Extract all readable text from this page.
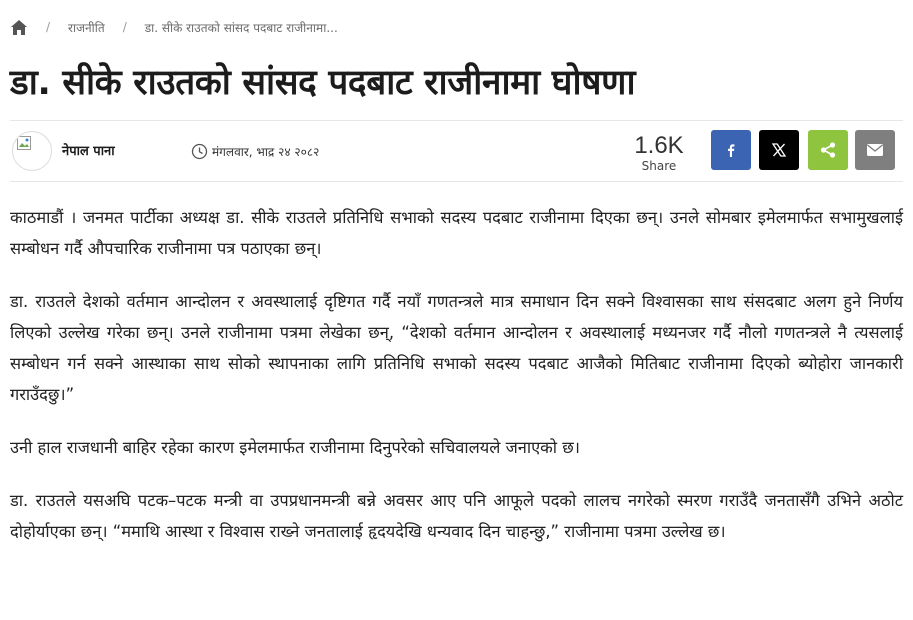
/ राजनीति / डा. सीके राउतको सांसद पदबाट राजीनामा...
डा. सीके राउतको सांसद पदबाट राजीनामा घोषणा
नेपाल पाना	मंगलवार, भाद्र २४ २०८२	1.6K
Share

काठमाडौं । जनमत पार्टीका अध्यक्ष डा. सीके राउतले प्रतिनिधि सभाको सदस्य पदबाट राजीनामा दिएका छन्। उनले सोमबार इमेलमार्फत सभामुखलाई सम्बोधन गर्दै औपचारिक राजीनामा पत्र पठाएका छन्।

डा. राउतले देशको वर्तमान आन्दोलन र अवस्थालाई दृष्टिगत गर्दै नयाँ गणतन्त्रले मात्र समाधान दिन सक्ने विश्वासका साथ संसदबाट अलग हुने निर्णय लिएको उल्लेख गरेका छन्। उनले राजीनामा पत्रमा लेखेका छन्, “देशको वर्तमान आन्दोलन र अवस्थालाई मध्यनजर गर्दै नौलो गणतन्त्रले नै त्यसलाई सम्बोधन गर्न सक्ने आस्थाका साथ सोको स्थापनाका लागि प्रतिनिधि सभाको सदस्य पदबाट आजैको मितिबाट राजीनामा दिएको ब्योहोरा जानकारी गराउँदछु।”

उनी हाल राजधानी बाहिर रहेका कारण इमेलमार्फत राजीनामा दिनुपरेको सचिवालयले जनाएको छ।

डा. राउतले यसअघि पटक–पटक मन्त्री वा उपप्रधानमन्त्री बन्ने अवसर आए पनि आफूले पदको लालच नगरेको स्मरण गराउँदै जनतासँगै उभिने अठोट दोहोर्याएका छन्। “ममाथि आस्था र विश्वास राख्ने जनतालाई हृदयदेखि धन्यवाद दिन चाहन्छु,” राजीनामा पत्रमा उल्लेख छ।
